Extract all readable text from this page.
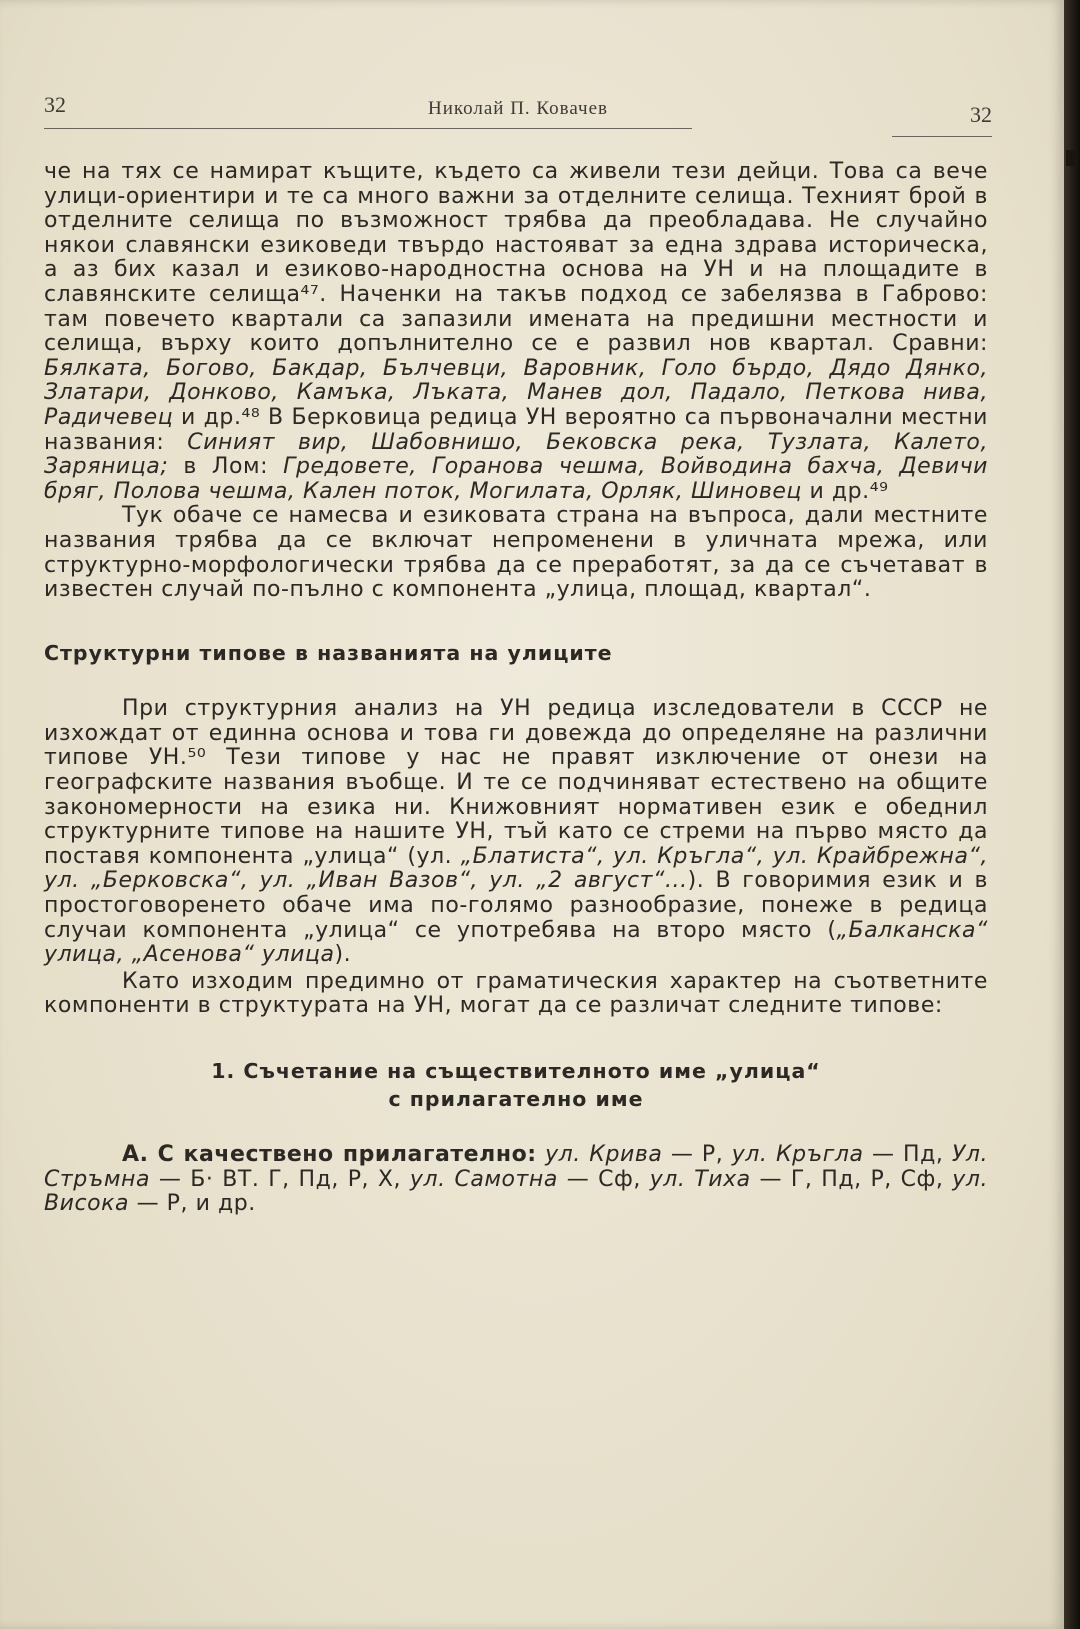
32	Николай П. Ковачев	32

че на тях се намират къщите, където са живели тези дейци. Това са вече улици-ориентири и те са много важни за отделните селища. Техният брой в отделните селища по възможност трябва да преобладава. Не случайно някои славянски езиковеди твърдо настояват за една здрава историческа, а аз бих казал и езиково-народностна основа на УН и на площадите в славянските селища⁴⁷. Наченки на такъв подход се забелязва в Габрово: там повечето квартали са запазили имената на предишни местности и селища, върху които допълнително се е развил нов квартал. Сравни: Бялката, Богово, Бакдар, Бълчевци, Варовник, Голо бърдо, Дядо Дянко, Златари, Донково, Камъка, Лъката, Манев дол, Падало, Петкова нива, Радичевец и др.⁴⁸ В Берковица редица УН вероятно са първоначални местни названия: Синият вир, Шабовнишо, Бековска река, Тузлата, Калето, Заряница; в Лом: Гредовете, Горанова чешма, Войводина бахча, Девичи бряг, Полова чешма, Кален поток, Могилата, Орляк, Шиновец и др.⁴⁹

Тук обаче се намесва и езиковата страна на въпроса, дали местните названия трябва да се включат непроменени в уличната мрежа, или структурно-морфологически трябва да се преработят, за да се съчетават в известен случай по-пълно с компонента „улица, площад, квартал“.

Структурни типове в названията на улиците

При структурния анализ на УН редица изследователи в СССР не изхождат от единна основа и това ги довежда до определяне на различни типове УН.⁵⁰ Тези типове у нас не правят изключение от онези на географските названия въобще. И те се подчиняват естествено на общите закономерности на езика ни. Книжовният нормативен език е обеднил структурните типове на нашите УН, тъй като се стреми на първо място да поставя компонента „улица“ (ул. „Блатиста“, ул. Кръгла“, ул. Крайбрежна“, ул. „Берковска“, ул. „Иван Вазов“, ул. „2 август“...). В говоримия език и в простоговоренето обаче има по-голямо разнообразие, понеже в редица случаи компонента „улица“ се употребява на второ място („Балканска“ улица, „Асенова“ улица).

Като изходим предимно от граматическия характер на съответните компоненти в структурата на УН, могат да се различат следните типове:

1. Съчетание на съществителното име „улица“
с прилагателно име

А. С качествено прилагателно: ул. Крива — Р, ул. Кръгла — Пд, Ул. Стръмна — Б· ВТ. Г, Пд, Р, Х, ул. Самотна — Сф, ул. Тиха — Г, Пд, Р, Сф, ул. Висока — Р, и др.
